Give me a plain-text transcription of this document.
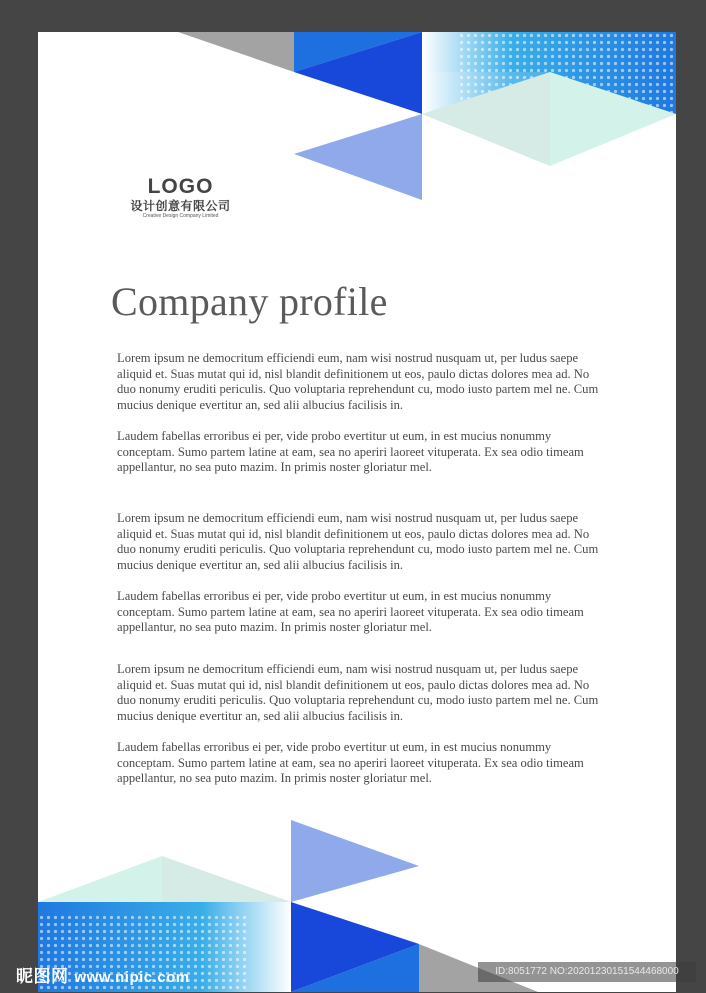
LOGO
设计创意有限公司
Creative Design Company Limited
Company profile

Lorem ipsum ne democritum efficiendi eum, nam wisi nostrud nusquam ut, per ludus saepe aliquid et. Suas mutat qui id, nisl blandit definitionem ut eos, paulo dictas dolores mea ad. No duo nonumy eruditi periculis. Quo voluptaria reprehendunt cu, modo iusto partem mel ne. Cum mucius denique evertitur an, sed alii albucius facilisis in.

Laudem fabellas erroribus ei per, vide probo evertitur ut eum, in est mucius nonummy conceptam. Sumo partem latine at eam, sea no aperiri laoreet vituperata. Ex sea odio timeam appellantur, no sea puto mazim. In primis noster gloriatur mel.

Lorem ipsum ne democritum efficiendi eum, nam wisi nostrud nusquam ut, per ludus saepe aliquid et. Suas mutat qui id, nisl blandit definitionem ut eos, paulo dictas dolores mea ad. No duo nonumy eruditi periculis. Quo voluptaria reprehendunt cu, modo iusto partem mel ne. Cum mucius denique evertitur an, sed alii albucius facilisis in.

Laudem fabellas erroribus ei per, vide probo evertitur ut eum, in est mucius nonummy conceptam. Sumo partem latine at eam, sea no aperiri laoreet vituperata. Ex sea odio timeam appellantur, no sea puto mazim. In primis noster gloriatur mel.

Lorem ipsum ne democritum efficiendi eum, nam wisi nostrud nusquam ut, per ludus saepe aliquid et. Suas mutat qui id, nisl blandit definitionem ut eos, paulo dictas dolores mea ad. No duo nonumy eruditi periculis. Quo voluptaria reprehendunt cu, modo iusto partem mel ne. Cum mucius denique evertitur an, sed alii albucius facilisis in.

Laudem fabellas erroribus ei per, vide probo evertitur ut eum, in est mucius nonummy conceptam. Sumo partem latine at eam, sea no aperiri laoreet vituperata. Ex sea odio timeam appellantur, no sea puto mazim. In primis noster gloriatur mel.

昵图网 www.nipic.com	ID:8051772 NO:20201230151544468000
